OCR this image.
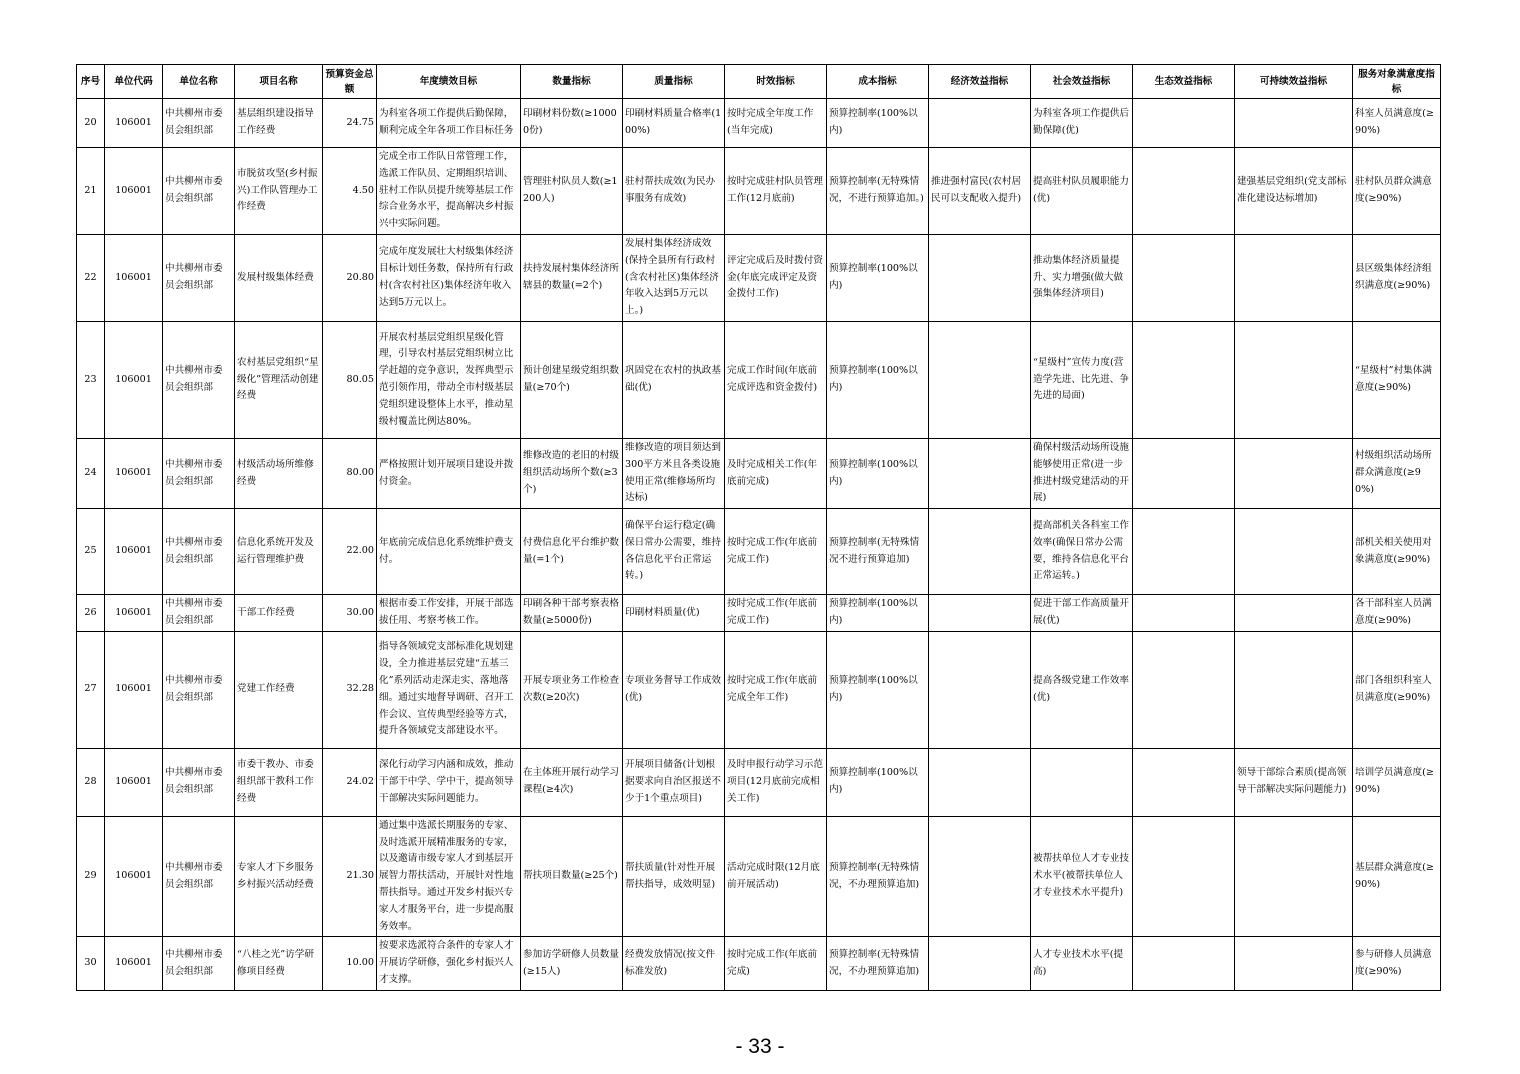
序号	单位代码	单位名称	项目名称	预算资金总额	年度绩效目标	数量指标	质量指标	时效指标	成本指标	经济效益指标	社会效益指标	生态效益指标	可持续效益指标	服务对象满意度指标
20	106001	中共柳州市委员会组织部	基层组织建设指导工作经费	24.75	为科室各项工作提供后勤保障，顺利完成全年各项工作目标任务	印刷材料份数(≥10000份)	印刷材料质量合格率(100%)	按时完成全年度工作(当年完成)	预算控制率(100%以内)		为科室各项工作提供后勤保障(优)			科室人员满意度(≥90%)
21	106001	中共柳州市委员会组织部	市脱贫攻坚(乡村振兴)工作队管理办工作经费	4.50	完成全市工作队日常管理工作，选派工作队员、定期组织培训、驻村工作队员提升统筹基层工作综合业务水平，提高解决乡村振兴中实际问题。	管理驻村队员人数(≥1200人)	驻村帮扶成效(为民办事服务有成效)	按时完成驻村队员管理工作(12月底前)	预算控制率(无特殊情况，不进行预算追加。)	推进强村富民(农村居民可以支配收入提升)	提高驻村队员履职能力(优)		建强基层党组织(党支部标准化建设达标增加)	驻村队员群众满意度(≥90%)
22	106001	中共柳州市委员会组织部	发展村级集体经费	20.80	完成年度发展壮大村级集体经济目标计划任务数，保持所有行政村(含农村社区)集体经济年收入达到5万元以上。	扶持发展村集体经济所辖县的数量(=2个)	发展村集体经济成效(保持全县所有行政村(含农村社区)集体经济年收入达到5万元以上。)	评定完成后及时拨付资金(年底完成评定及资金拨付工作)	预算控制率(100%以内)		推动集体经济质量提升、实力增强(做大做强集体经济项目)			县区级集体经济组织满意度(≥90%)
23	106001	中共柳州市委员会组织部	农村基层党组织“星级化”管理活动创建经费	80.05	开展农村基层党组织星级化管理，引导农村基层党组织树立比学赶超的竞争意识，发挥典型示范引领作用，带动全市村级基层党组织建设整体上水平，推动星级村覆盖比例达80%。	预计创建星级党组织数量(≥70个)	巩固党在农村的执政基础(优)	完成工作时间(年底前完成评选和资金拨付)	预算控制率(100%以内)		“星级村”宣传力度(营造学先进、比先进、争先进的局面)			“星级村”村集体满意度(≥90%)
24	106001	中共柳州市委员会组织部	村级活动场所维修经费	80.00	严格按照计划开展项目建设并拨付资金。	维修改造的老旧的村级组织活动场所个数(≥3个)	维修改造的项目须达到300平方米且各类设施使用正常(维修场所均达标)	及时完成相关工作(年底前完成)	预算控制率(100%以内)		确保村级活动场所设施能够使用正常(进一步推进村级党建活动的开展)			村级组织活动场所群众满意度(≥90%)
25	106001	中共柳州市委员会组织部	信息化系统开发及运行管理维护费	22.00	年底前完成信息化系统维护费支付。	付费信息化平台维护数量(=1个)	确保平台运行稳定(确保日常办公需要，维持各信息化平台正常运转。)	按时完成工作(年底前完成工作)	预算控制率(无特殊情况不进行预算追加)		提高部机关各科室工作效率(确保日常办公需要，维持各信息化平台正常运转。)			部机关相关使用对象满意度(≥90%)
26	106001	中共柳州市委员会组织部	干部工作经费	30.00	根据市委工作安排，开展干部选拔任用、考察考核工作。	印刷各种干部考察表格数量(≥5000份)	印刷材料质量(优)	按时完成工作(年底前完成工作)	预算控制率(100%以内)		促进干部工作高质量开展(优)			各干部科室人员满意度(≥90%)
27	106001	中共柳州市委员会组织部	党建工作经费	32.28	指导各领域党支部标准化规划建设，全力推进基层党建“五基三化”系列活动走深走实、落地落细。通过实地督导调研、召开工作会议、宣传典型经验等方式，提升各领域党支部建设水平。	开展专项业务工作检查次数(≥20次)	专项业务督导工作成效(优)	按时完成工作(年底前完成全年工作)	预算控制率(100%以内)		提高各级党建工作效率(优)			部门各组织科室人员满意度(≥90%)
28	106001	中共柳州市委员会组织部	市委干教办、市委组织部干教科工作经费	24.02	深化行动学习内涵和成效，推动干部干中学、学中干，提高领导干部解决实际问题能力。	在主体班开展行动学习课程(≥4次)	开展项目储备(计划根据要求向自治区报送不少于1个重点项目)	及时申报行动学习示范项目(12月底前完成相关工作)	预算控制率(100%以内)				领导干部综合素质(提高领导干部解决实际问题能力)	培训学员满意度(≥90%)
29	106001	中共柳州市委员会组织部	专家人才下乡服务乡村振兴活动经费	21.30	通过集中选派长期服务的专家、及时选派开展精准服务的专家，以及邀请市级专家人才到基层开展智力帮扶活动，开展针对性地帮扶指导。通过开发乡村振兴专家人才服务平台，进一步提高服务效率。	帮扶项目数量(≥25个)	帮扶质量(针对性开展帮扶指导，成效明显)	活动完成时限(12月底前开展活动)	预算控制率(无特殊情况，不办理预算追加)		被帮扶单位人才专业技术水平(被帮扶单位人才专业技术水平提升)			基层群众满意度(≥90%)
30	106001	中共柳州市委员会组织部	“八桂之光”访学研修项目经费	10.00	按要求选派符合条件的专家人才开展访学研修，强化乡村振兴人才支撑。	参加访学研修人员数量(≥15人)	经费发放情况(按文件标准发放)	按时完成工作(年底前完成)	预算控制率(无特殊情况，不办理预算追加)		人才专业技术水平(提高)			参与研修人员满意度(≥90%)
- 33 -
